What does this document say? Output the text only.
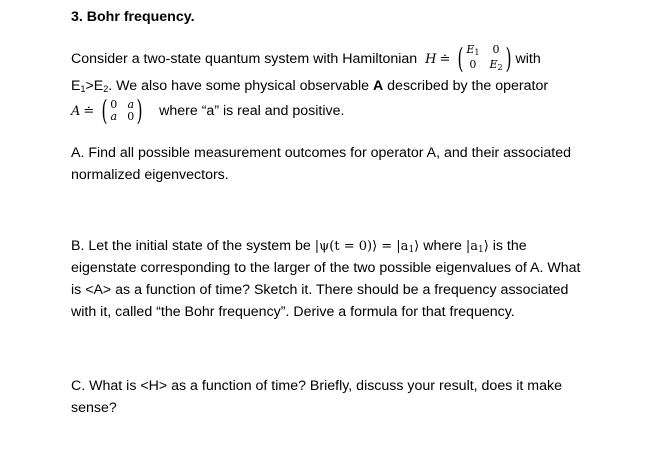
3. Bohr frequency.
Consider a two-state quantum system with Hamiltonian H ≐ ( $E_1$ 0
0 $E_2$ ) with
E1>E2. We also have some physical observable A described by the operator
A ≐ ( 0 a
a 0 ) where “a” is real and positive.
A. Find all possible measurement outcomes for operator A, and their associated
normalized eigenvectors.
B. Let the initial state of the system be |ψ(t = 0)⟩ = |a1⟩ where |a1⟩ is the
eigenstate corresponding to the larger of the two possible eigenvalues of A. What
is <A> as a function of time? Sketch it. There should be a frequency associated
with it, called “the Bohr frequency”. Derive a formula for that frequency.
C. What is <H> as a function of time? Briefly, discuss your result, does it make
sense?
